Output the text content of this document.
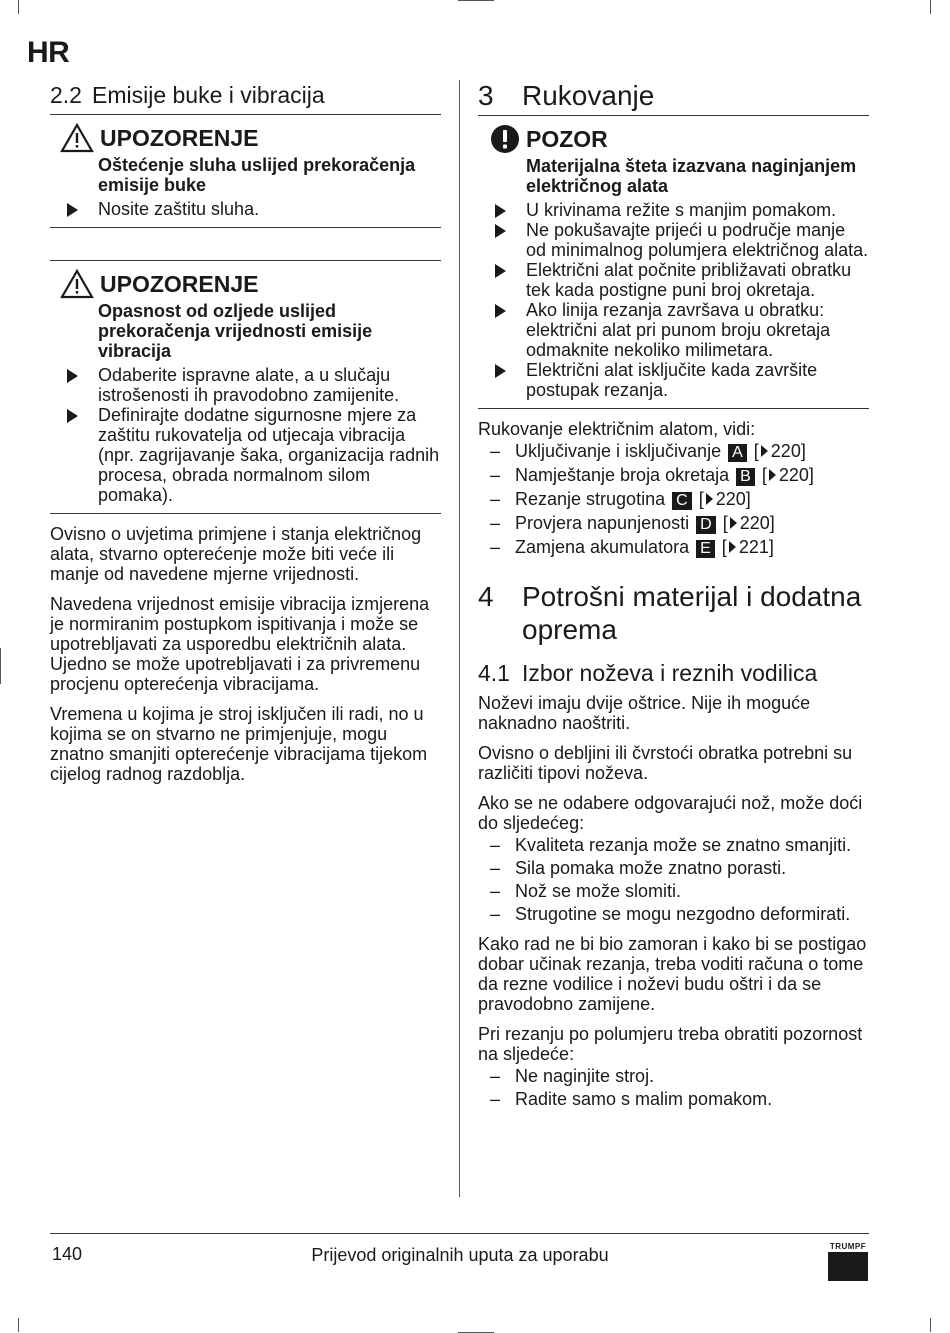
HR
2.2 Emisije buke i vibracija
UPOZORENJE
Oštećenje sluha uslijed prekoračenja emisije buke
Nosite zaštitu sluha.
UPOZORENJE
Opasnost od ozljede uslijed prekoračenja vrijednosti emisije vibracija
Odaberite ispravne alate, a u slučaju istrošenosti ih pravodobno zamijenite.
Definirajte dodatne sigurnosne mjere za zaštitu rukovatelja od utjecaja vibracija (npr. zagrijavanje šaka, organizacija radnih procesa, obrada normalnom silom pomaka).

Ovisno o uvjetima primjene i stanja električnog alata, stvarno opterećenje može biti veće ili manje od navedene mjerne vrijednosti.

Navedena vrijednost emisije vibracija izmjerena je normiranim postupkom ispitivanja i može se upotrebljavati za usporedbu električnih alata. Ujedno se može upotrebljavati i za privremenu procjenu opterećenja vibracijama.

Vremena u kojima je stroj isključen ili radi, no u kojima se on stvarno ne primjenjuje, mogu znatno smanjiti opterećenje vibracijama tijekom cijelog radnog razdoblja.

3 Rukovanje
POZOR
Materijalna šteta izazvana naginjanjem električnog alata
U krivinama režite s manjim pomakom.
Ne pokušavajte prijeći u područje manje od minimalnog polumjera električnog alata.
Električni alat počnite približavati obratku tek kada postigne puni broj okretaja.
Ako linija rezanja završava u obratku: električni alat pri punom broju okretaja odmaknite nekoliko milimetara.
Električni alat isključite kada završite postupak rezanja.

Rukovanje električnim alatom, vidi:

– Uključivanje i isključivanje A [ 220]
– Namještanje broja okretaja B [ 220]
– Rezanje strugotina C [ 220]
– Provjera napunjenosti D [ 220]
– Zamjena akumulatora E [ 221]
4	Potrošni materijal i dodatna oprema
4.1 Izbor noževa i reznih vodilica

Noževi imaju dvije oštrice. Nije ih moguće naknadno naoštriti.

Ovisno o debljini ili čvrstoći obratka potrebni su različiti tipovi noževa.

Ako se ne odabere odgovarajući nož, može doći do sljedećeg:

– Kvaliteta rezanja može se znatno smanjiti.
– Sila pomaka može znatno porasti.
– Nož se može slomiti.
– Strugotine se mogu nezgodno deformirati.

Kako rad ne bi bio zamoran i kako bi se postigao dobar učinak rezanja, treba voditi računa o tome da rezne vodilice i noževi budu oštri i da se pravodobno zamijene.

Pri rezanju po polumjeru treba obratiti pozornost na sljedeće:

– Ne naginjite stroj.
– Radite samo s malim pomakom.
140	Prijevod originalnih uputa za uporabu	TRUMPF
